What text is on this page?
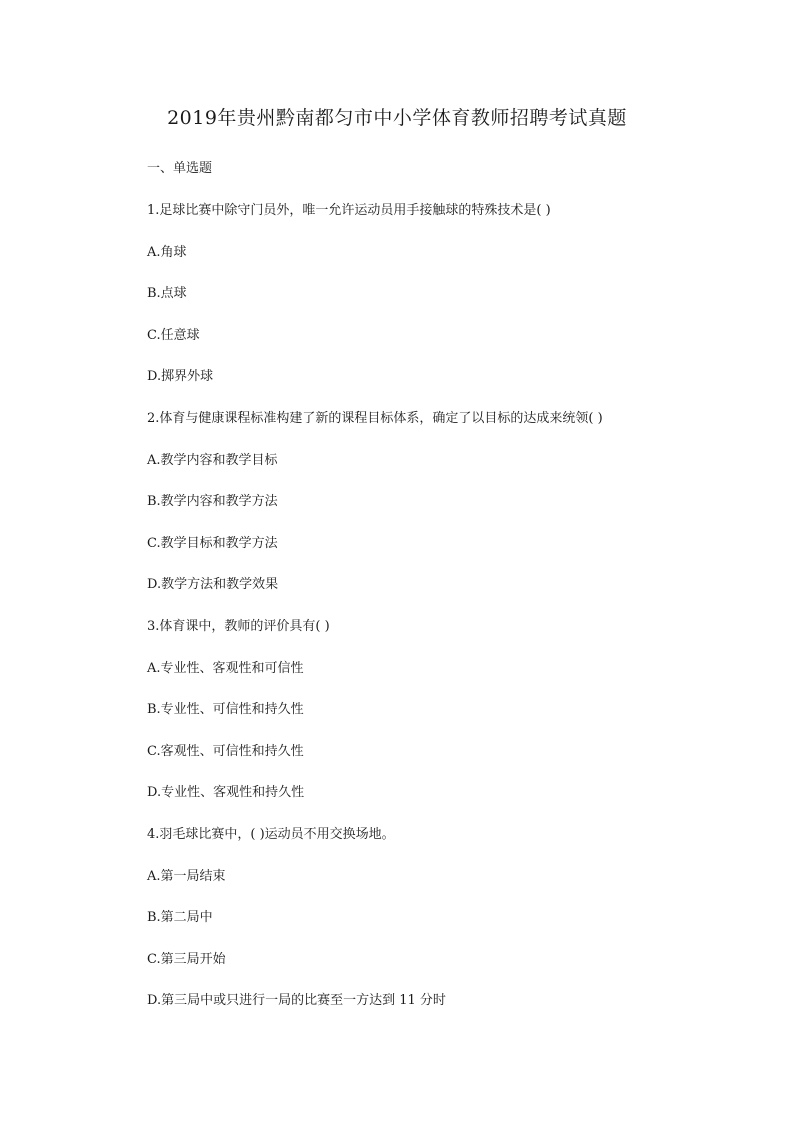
2019年贵州黔南都匀市中小学体育教师招聘考试真题

一、单选题

1.足球比赛中除守门员外，唯一允许运动员用手接触球的特殊技术是( )

A.角球

B.点球

C.任意球

D.掷界外球

2.体育与健康课程标准构建了新的课程目标体系，确定了以目标的达成来统领( )

A.教学内容和教学目标

B.教学内容和教学方法

C.教学目标和教学方法

D.教学方法和教学效果

3.体育课中，教师的评价具有( )

A.专业性、客观性和可信性

B.专业性、可信性和持久性

C.客观性、可信性和持久性

D.专业性、客观性和持久性

4.羽毛球比赛中，( )运动员不用交换场地。

A.第一局结束

B.第二局中

C.第三局开始

D.第三局中或只进行一局的比赛至一方达到 11 分时
